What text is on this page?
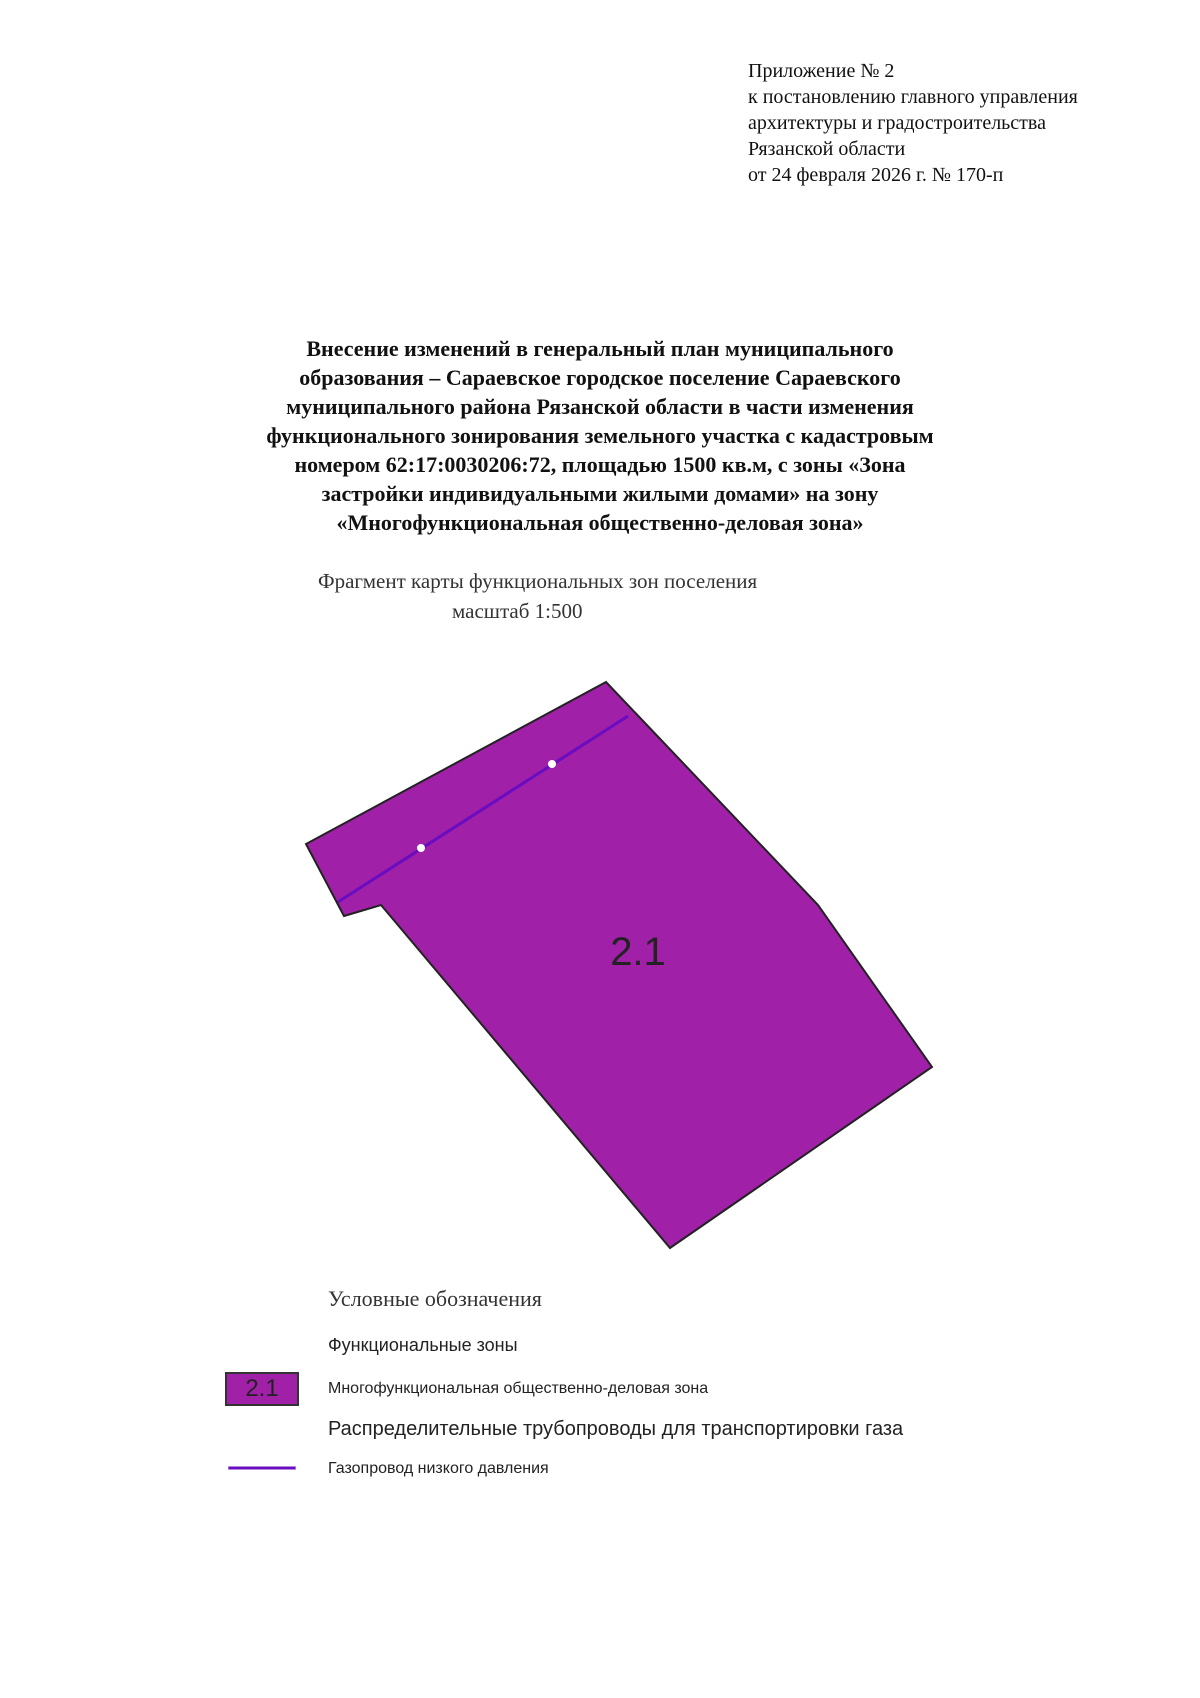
Приложение № 2
к постановлению главного управления
архитектуры и градостроительства
Рязанской области
от 24 февраля 2026 г. № 170-п
Внесение изменений в генеральный план муниципального
образования – Сараевское городское поселение Сараевского
муниципального района Рязанской области в части изменения
функционального зонирования земельного участка с кадастровым
номером 62:17:0030206:72, площадью 1500 кв.м, с зоны «Зона
застройки индивидуальными жилыми домами» на зону
«Многофункциональная общественно-деловая зона»
Фрагмент карты функциональных зон поселения
масштаб 1:500
2.1
Условные обозначения
Функциональные зоны
2.1	Многофункциональная общественно-деловая зона
Распределительные трубопроводы для транспортировки газа
Газопровод низкого давления
